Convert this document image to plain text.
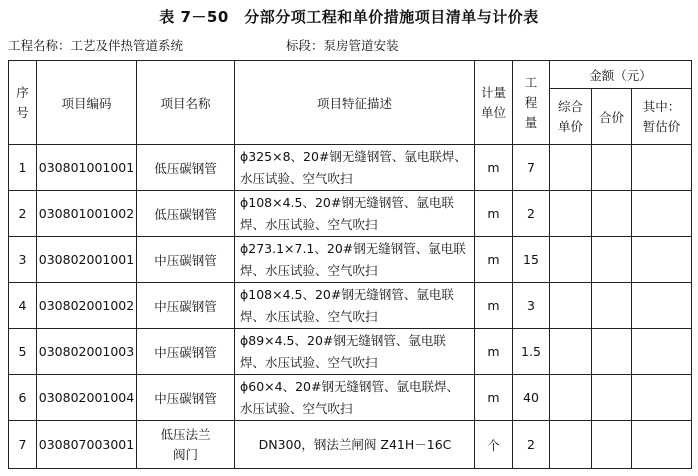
表 7－50　分部分项工程和单价措施项目清单与计价表
工程名称：工艺及伴热管道系统	标段：泵房管道安装
序号	项目编码	项目名称	项目特征描述	计量单位	工程量	金额（元）		

						综合单价	合价	其中：暂估价

1	030801001001	低压碳钢管	ϕ325×8、20#钢无缝钢管、氩电联焊、水压试验、空气吹扫	m	7			
2	030801001002	低压碳钢管	ϕ108×4.5、20#钢无缝钢管、氩电联焊、水压试验、空气吹扫	m	2			
3	030802001001	中压碳钢管	ϕ273.1×7.1、20#钢无缝钢管、氩电联焊、水压试验、空气吹扫	m	15			
4	030802001002	中压碳钢管	ϕ108×4.5、20#钢无缝钢管、氩电联焊、水压试验、空气吹扫	m	3			
5	030802001003	中压碳钢管	ϕ89×4.5、20#钢无缝钢管、氩电联焊、水压试验、空气吹扫	m	1.5			
6	030802001004	中压碳钢管	ϕ60×4、20#钢无缝钢管、氩电联焊、水压试验、空气吹扫	m	40			
7	030807003001	低压法兰阀门	DN300，钢法兰闸阀 Z41H－16C	个	2			
